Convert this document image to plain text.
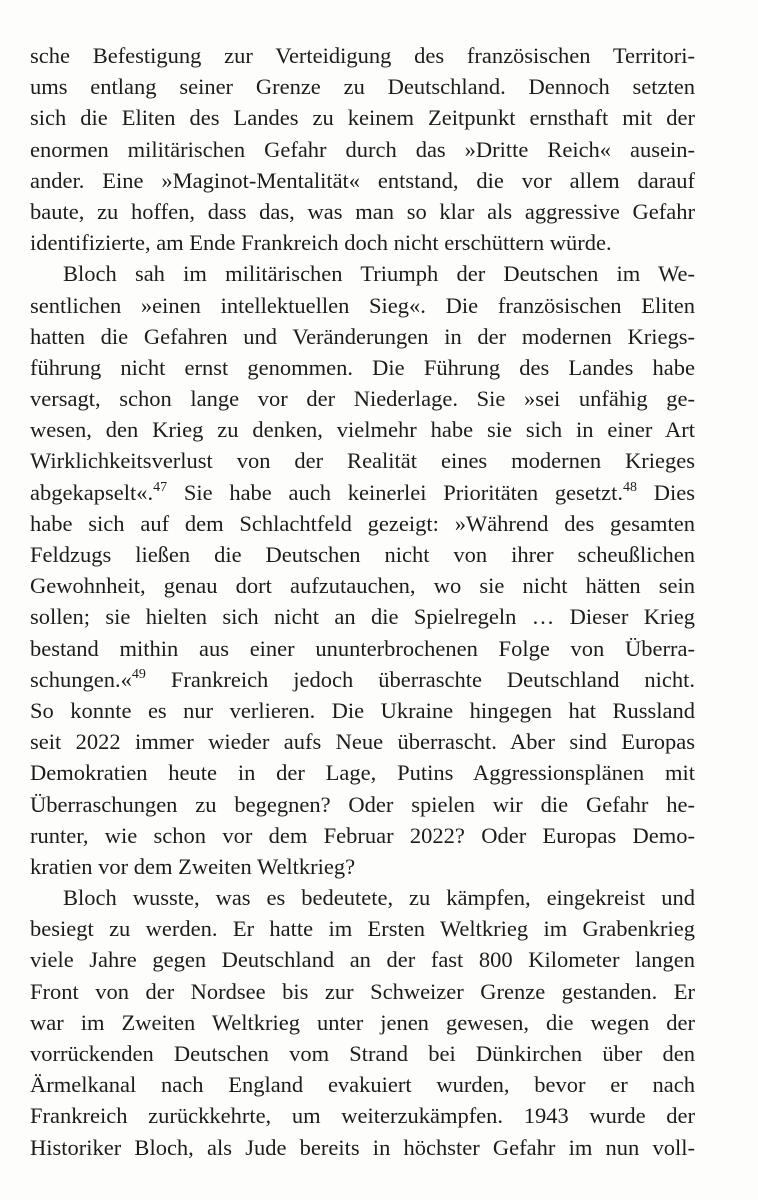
sche Befestigung zur Verteidigung des französischen Territori-
ums entlang seiner Grenze zu Deutschland. Dennoch setzten
sich die Eliten des Landes zu keinem Zeitpunkt ernsthaft mit der
enormen militärischen Gefahr durch das »Dritte Reich« ausein-
ander. Eine »Maginot-Mentalität« entstand, die vor allem darauf
baute, zu hoffen, dass das, was man so klar als aggressive Gefahr
identifizierte, am Ende Frankreich doch nicht erschüttern würde.
Bloch sah im militärischen Triumph der Deutschen im We-
sentlichen »einen intellektuellen Sieg«. Die französischen Eliten
hatten die Gefahren und Veränderungen in der modernen Kriegs-
führung nicht ernst genommen. Die Führung des Landes habe
versagt, schon lange vor der Niederlage. Sie »sei unfähig ge-
wesen, den Krieg zu denken, vielmehr habe sie sich in einer Art
Wirklichkeitsverlust von der Realität eines modernen Krieges
abgekapselt«.$^{47}$ Sie habe auch keinerlei Prioritäten gesetzt.$^{48}$ Dies
habe sich auf dem Schlachtfeld gezeigt: »Während des gesamten
Feldzugs ließen die Deutschen nicht von ihrer scheußlichen
Gewohnheit, genau dort aufzutauchen, wo sie nicht hätten sein
sollen; sie hielten sich nicht an die Spielregeln … Dieser Krieg
bestand mithin aus einer ununterbrochenen Folge von Überra-
schungen.«$^{49}$ Frankreich jedoch überraschte Deutschland nicht.
So konnte es nur verlieren. Die Ukraine hingegen hat Russland
seit 2022 immer wieder aufs Neue überrascht. Aber sind Europas
Demokratien heute in der Lage, Putins Aggressionsplänen mit
Überraschungen zu begegnen? Oder spielen wir die Gefahr he-
runter, wie schon vor dem Februar 2022? Oder Europas Demo-
kratien vor dem Zweiten Weltkrieg?
Bloch wusste, was es bedeutete, zu kämpfen, eingekreist und
besiegt zu werden. Er hatte im Ersten Weltkrieg im Grabenkrieg
viele Jahre gegen Deutschland an der fast 800 Kilometer langen
Front von der Nordsee bis zur Schweizer Grenze gestanden. Er
war im Zweiten Weltkrieg unter jenen gewesen, die wegen der
vorrückenden Deutschen vom Strand bei Dünkirchen über den
Ärmelkanal nach England evakuiert wurden, bevor er nach
Frankreich zurückkehrte, um weiterzukämpfen. 1943 wurde der
Historiker Bloch, als Jude bereits in höchster Gefahr im nun voll-
